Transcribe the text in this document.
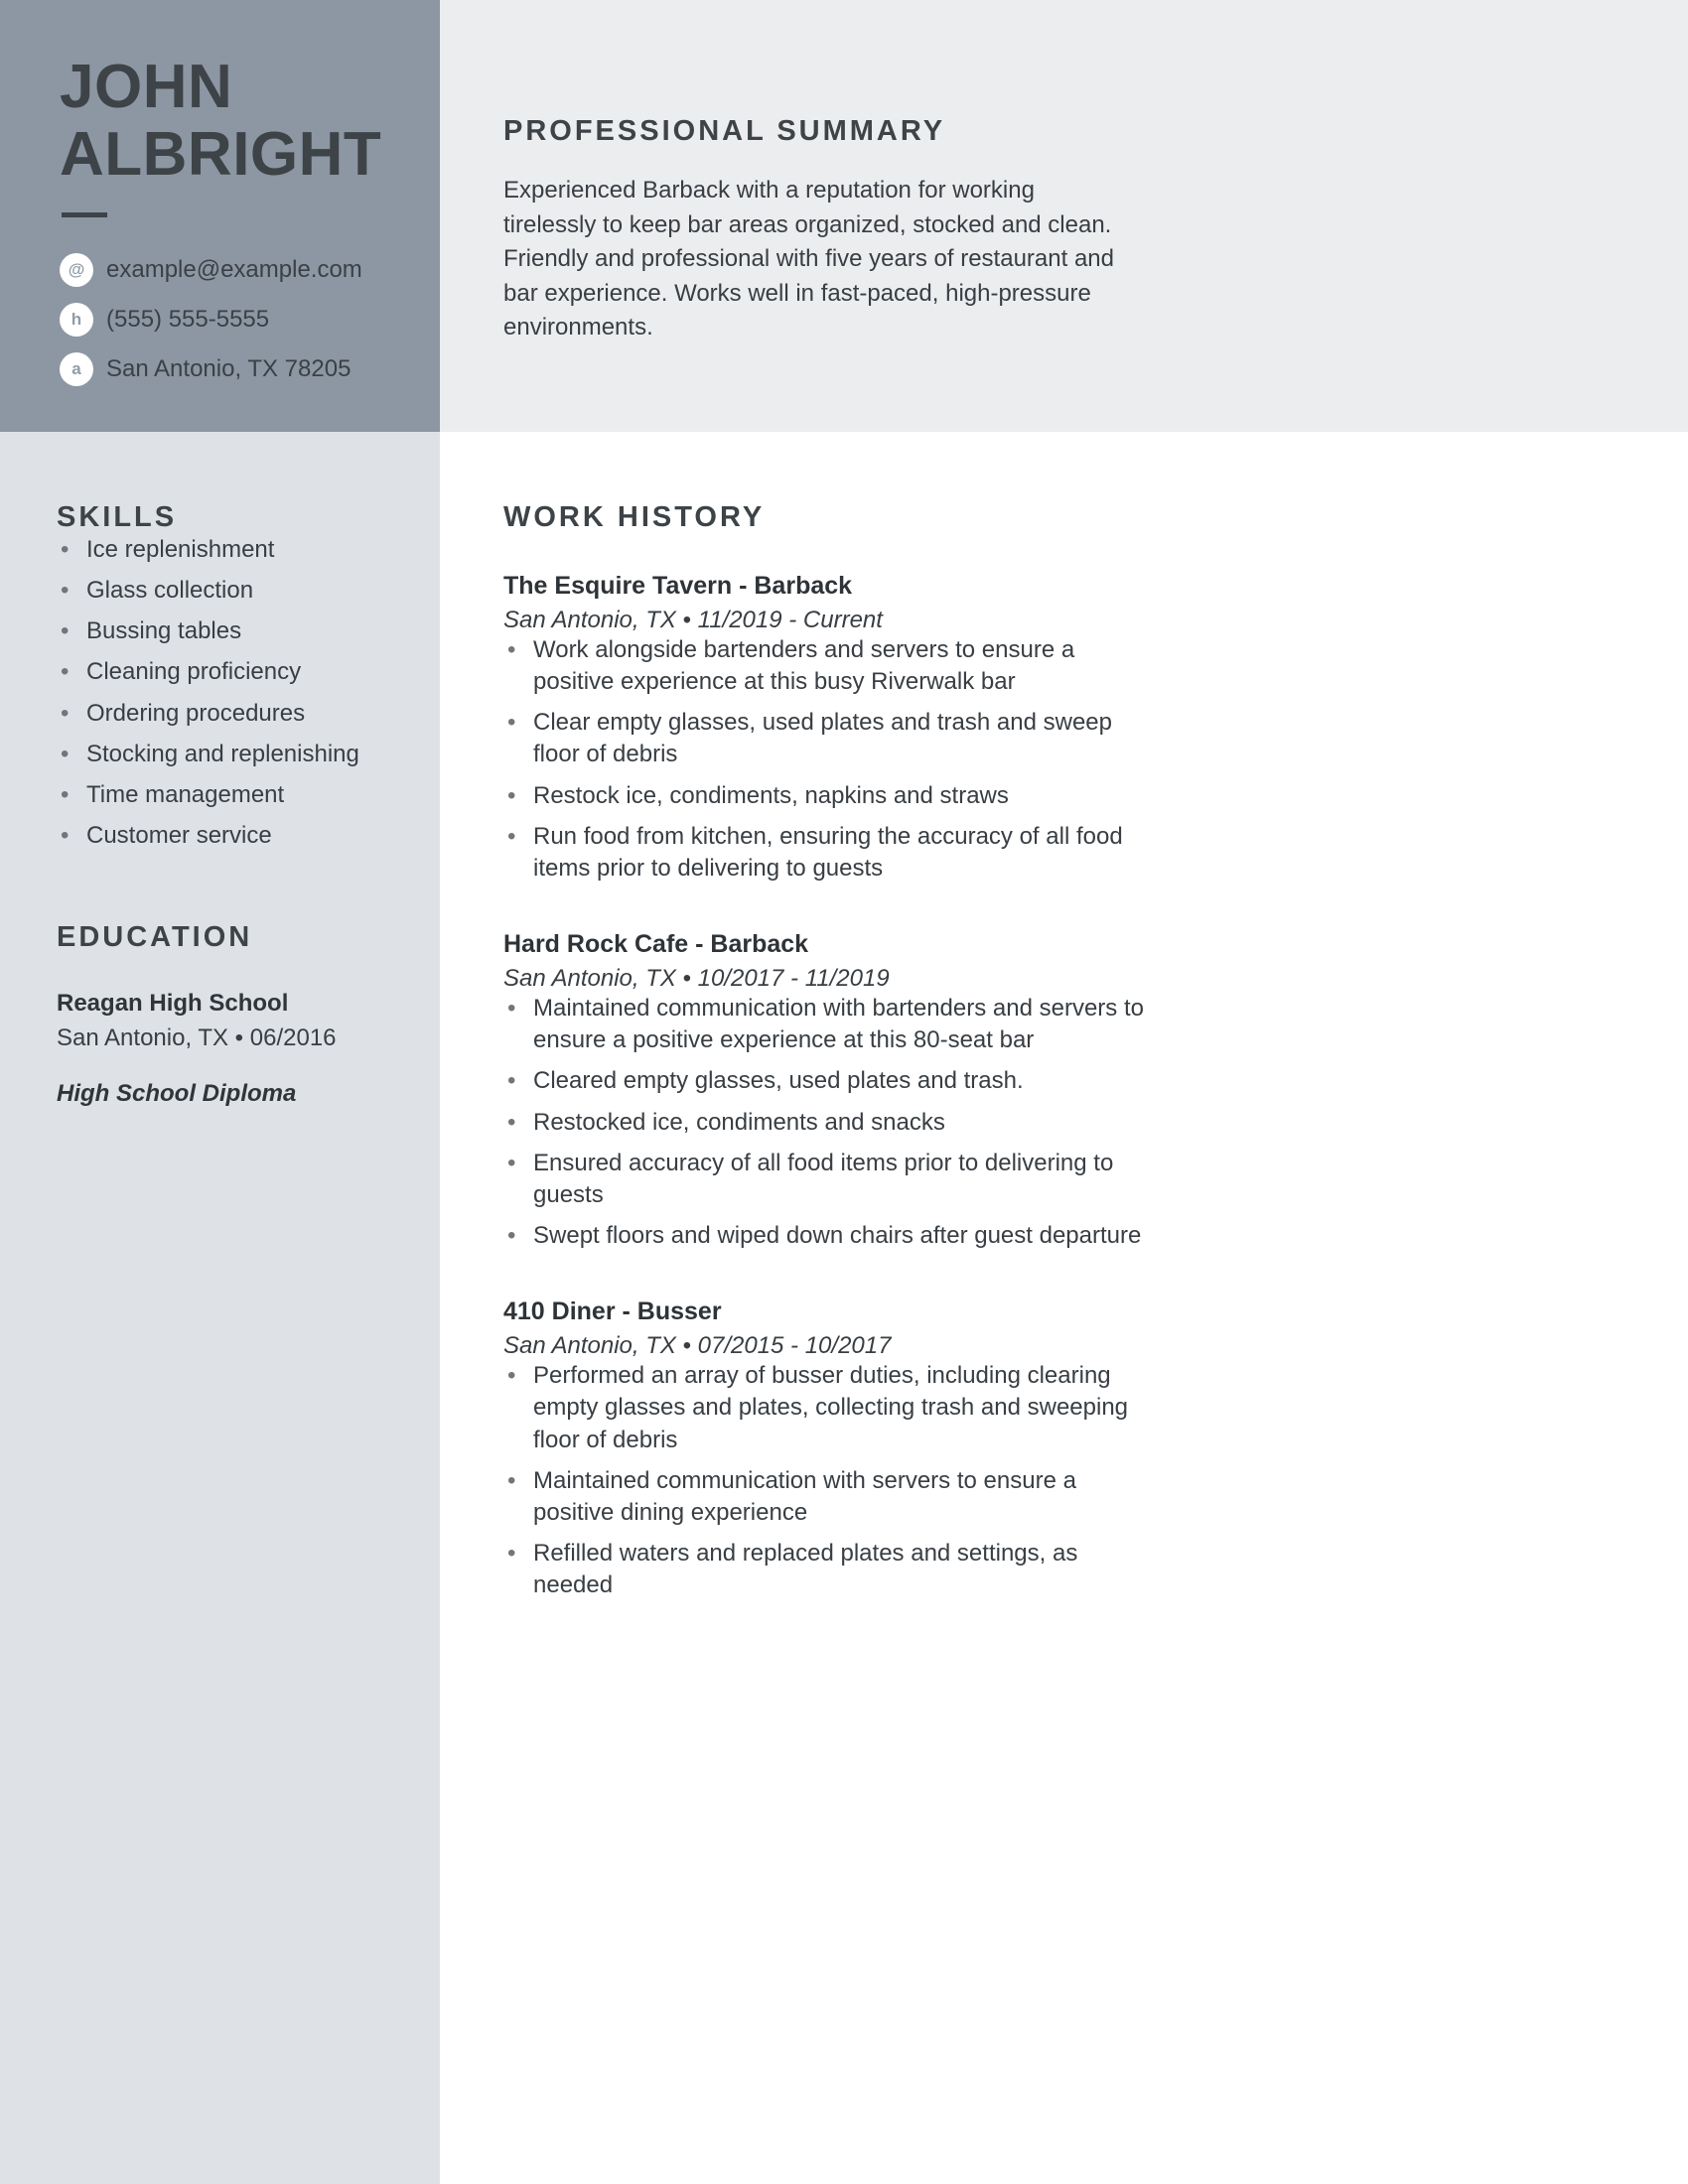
JOHN
ALBRIGHT
@ example@example.com
h	(555) 555-5555
a	San Antonio, TX 78205
SKILLS
• Ice replenishment
• Glass collection
• Bussing tables
• Cleaning proficiency
• Ordering procedures
• Stocking and replenishing
• Time management
• Customer service
EDUCATION
Reagan High School
San Antonio, TX • 06/2016
High School Diploma
PROFESSIONAL SUMMARY

Experienced Barback with a reputation for working tirelessly to keep bar areas organized, stocked and clean. Friendly and professional with five years of restaurant and bar experience. Works well in fast-paced, high-pressure environments.

WORK HISTORY
The Esquire Tavern - Barback
San Antonio, TX • 11/2019 - Current
• Work alongside bartenders and servers to ensure a positive experience at this busy Riverwalk bar
• Clear empty glasses, used plates and trash and sweep floor of debris
• Restock ice, condiments, napkins and straws
• Run food from kitchen, ensuring the accuracy of all food items prior to delivering to guests
Hard Rock Cafe - Barback
San Antonio, TX • 10/2017 - 11/2019
• Maintained communication with bartenders and servers to ensure a positive experience at this 80-seat bar
• Cleared empty glasses, used plates and trash.
• Restocked ice, condiments and snacks
• Ensured accuracy of all food items prior to delivering to guests
• Swept floors and wiped down chairs after guest departure
410 Diner - Busser
San Antonio, TX • 07/2015 - 10/2017
• Performed an array of busser duties, including clearing empty glasses and plates, collecting trash and sweeping floor of debris
• Maintained communication with servers to ensure a positive dining experience
• Refilled waters and replaced plates and settings, as needed
